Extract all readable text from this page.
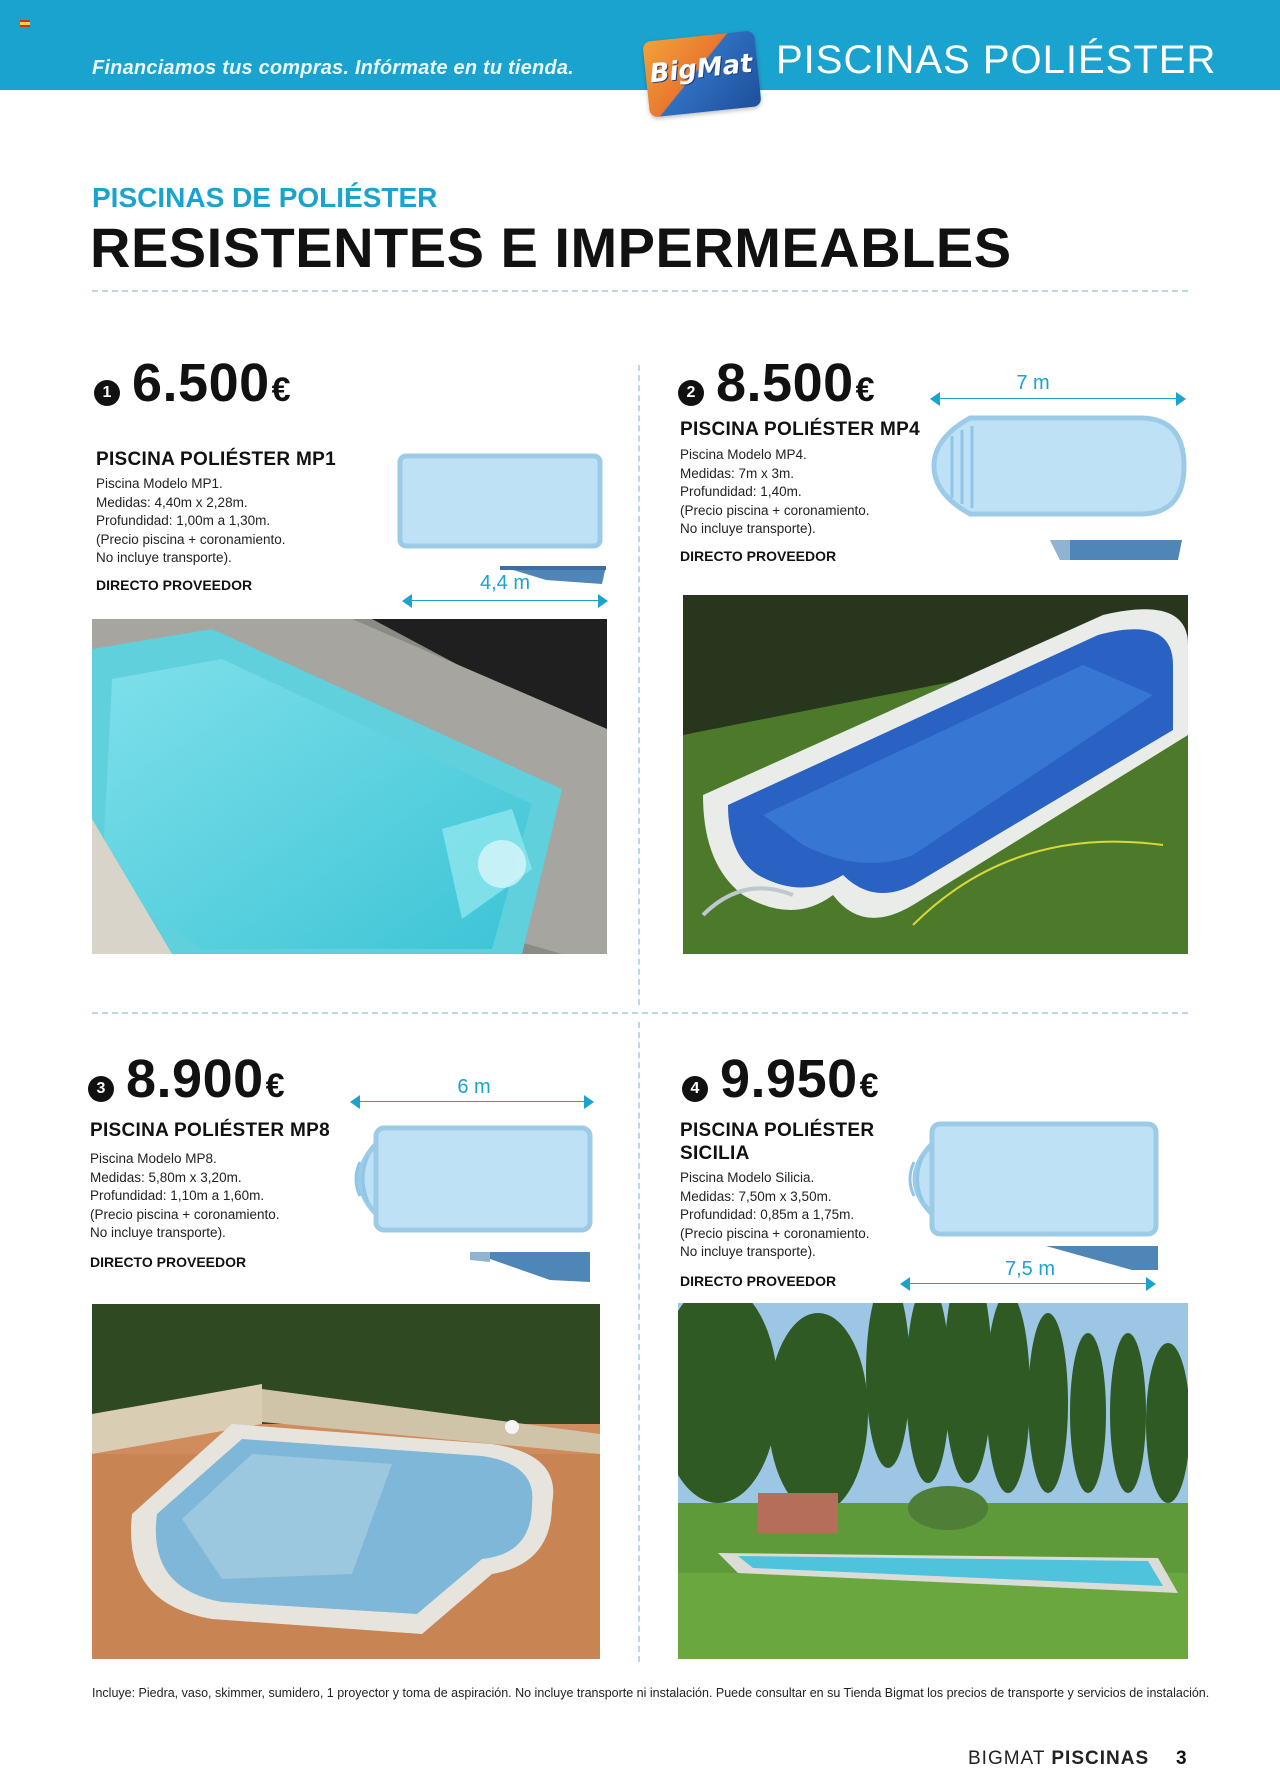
Financiamos tus compras. Infórmate en tu tienda.	PISCINAS POLIÉSTER
BigMat
PISCINAS DE POLIÉSTER
RESISTENTES E IMPERMEABLES
1 6.500 €
PISCINA POLIÉSTER MP1
Piscina Modelo MP1.
Medidas: 4,40m x 2,28m.
Profundidad: 1,00m a 1,30m.
(Precio piscina + coronamiento.
No incluye transporte).
DIRECTO PROVEEDOR	4,4 m
2 8.500 €
PISCINA POLIÉSTER MP4
Piscina Modelo MP4.
Medidas: 7m x 3m.
Profundidad: 1,40m.
(Precio piscina + coronamiento.
No incluye transporte).
DIRECTO PROVEEDOR
7 m
3 8.900 €
PISCINA POLIÉSTER MP8
Piscina Modelo MP8.
Medidas: 5,80m x 3,20m.
Profundidad: 1,10m a 1,60m.
(Precio piscina + coronamiento.
No incluye transporte).
DIRECTO PROVEEDOR
6 m	4 9.950 €
PISCINA POLIÉSTER
SICILIA
Piscina Modelo Silicia.
Medidas: 7,50m x 3,50m.
Profundidad: 0,85m a 1,75m.
(Precio piscina + coronamiento.
No incluye transporte).
DIRECTO PROVEEDOR
7,5 m
Incluye: Piedra, vaso, skimmer, sumidero, 1 proyector y toma de aspiración. No incluye transporte ni instalación. Puede consultar en su Tienda Bigmat los precios de transporte y servicios de instalación.
BIGMAT PISCINAS 3
